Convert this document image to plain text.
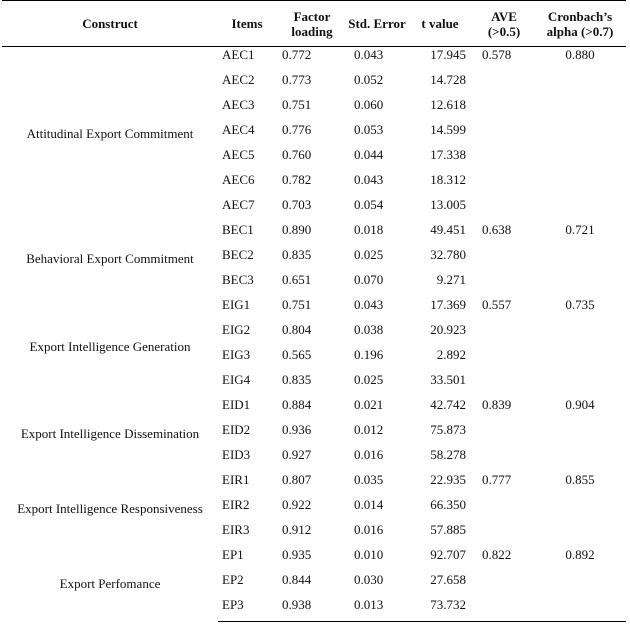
Construct	Items	Factor loading	Std. Error	t value	AVE (>0.5)	Cronbach’s alpha (>0.7)
Attitudinal Export Commitment	AEC1	0.772	0.043	17.945	0.578	0.880
	AEC2	0.773	0.052	14.728		
	AEC3	0.751	0.060	12.618		
	AEC4	0.776	0.053	14.599		
	AEC5	0.760	0.044	17.338		
	AEC6	0.782	0.043	18.312		
	AEC7	0.703	0.054	13.005		
Behavioral Export Commitment	BEC1	0.890	0.018	49.451	0.638	0.721
	BEC2	0.835	0.025	32.780		
	BEC3	0.651	0.070	9.271		
Export Intelligence Generation	EIG1	0.751	0.043	17.369	0.557	0.735
	EIG2	0.804	0.038	20.923		
	EIG3	0.565	0.196	2.892		
	EIG4	0.835	0.025	33.501		
Export Intelligence Dissemination	EID1	0.884	0.021	42.742	0.839	0.904
	EID2	0.936	0.012	75.873		
	EID3	0.927	0.016	58.278		
Export Intelligence Responsiveness	EIR1	0.807	0.035	22.935	0.777	0.855
	EIR2	0.922	0.014	66.350		
	EIR3	0.912	0.016	57.885		
Export Perfomance	EP1	0.935	0.010	92.707	0.822	0.892
	EP2	0.844	0.030	27.658		
	EP3	0.938	0.013	73.732		
